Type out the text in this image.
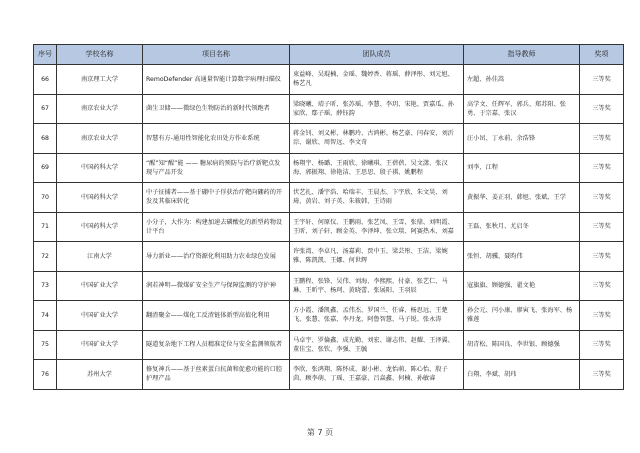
序号	学校名称	项目名称	团队成员	指导教师	奖项
66	南京理工大学	RemoDefender 高通量智能计算数字病理扫描仪	束益峰、吴琨楠、金瑶、魏婷香、蒋瑶、薛泽彤、刘元旭、杨艺凡	左超、孙佳嵩	三等奖
67	南京农业大学	菌生卫储——微绿色生物防治的新时代领跑者	梁晓曦、靖子昕、张苏瑶、李慧、李玥、宋艳、贾嘉瓜、孙家欣、鄢子瑶、薛钰韵	高学文、任辉军、郭兵、郑苏阳、张勇、于宗嘉、张汉	三等奖
68	南京农业大学	智慧有方-通用性智能化农田处方作业系统	蒋金钊、刘义彬、林鹏玲、古鸿彬、杨艺豪、闫春安、刘沂淙、谢欣、周智远、李文奇	汪小旵、丁永前、余浩锋	三等奖
69	中国药科大学	“醒”知“醒”能 —— 糖尿病的预防与治疗新靶点发现与产品开发	杨翔宇、杨璐、王雨欣、徐曦琪、王蓓蓓、吴文潇、张汉海、郭振翔、徐艳洁、王思思、殷子祺、姚鹏程	刘李、江程	三等奖
70	中国药科大学	中子征捕者——基于硼中子俘获治疗靶向硼药的开发及其临床转化	伏艺扎、潘宇浩、哈瑞丰、王晨杰、卞宇欣、朱文昊、刘琦、黄岩、刘子英、朱筱韩、王诗雨	黄振华、姜正羽、韩旭、张斌、王学	三等奖
71	中国药科大学	小分子，大作为：构建加速去磷酸化的新型药物设计平台	王宇轩、何原仪、王鹏雨、张艺凤、王雪、张鼎、刘明霞、王昕、刘子轩、顾金英、李泽坤、张立琰、阿赛热木、刘嘉	王磊、张秋月、尤启冬	三等奖
72	江南大学	导力新业——治疗资源化利用助力农业绿色发展	许张湾、李卓凡、汤嘉莉、贾中玉、梁芸彤、王洁、梁婉雅、陈凯凯、王娜、何世辉	张恒、胡骥、聂昀伟	三等奖
73	中国矿业大学	润若神明—微煤矿安全生产与保障监测的守护神	王鹏程、张锋、吴伟、刘海、李熙熙、付豪、张艺仁、马琳、王昕宇、杨珂、黄晓蕾、张展阳、王羽辰	寇旗旗、顾德强、翟文艳	三等奖
74	中国矿业大学	翻渣聚金——煤化工反渣链体新型高值化利用	方小霞、潘凯鑫、孟伟杰、罗国兰、任睿、杨思远、王楚飞、张慧、张嘉、李丹龙、阿鲁智慧、马子锐、张永涛	孙会元、闫小康、廖寅飞、张海军、杨雅莲	三等奖
75	中国矿业大学	隧道复杂地下工程人员精准定位与安全监测领航者	马卓宇、罗倫鑫、成光勤、刘宏、谢志伟、赵耀、王泽翼、董佳宝、张钦、李强、王毓	胡青松、陈国良、李世银、顾德强	三等奖
76	苏州大学	修复神兵——基于丝素蛋白抗菌和促愈功能的口腔护理产品	李欣、张鸿翔、陈怀成、谢小彬、龙怡萌、陈心怡、殷子茵、顾李萌、丁瑶、王嘉豪、吕焱鑫、何楠、孙敏睿	白翔、李斌、胡玮	三等奖
第 7 页
